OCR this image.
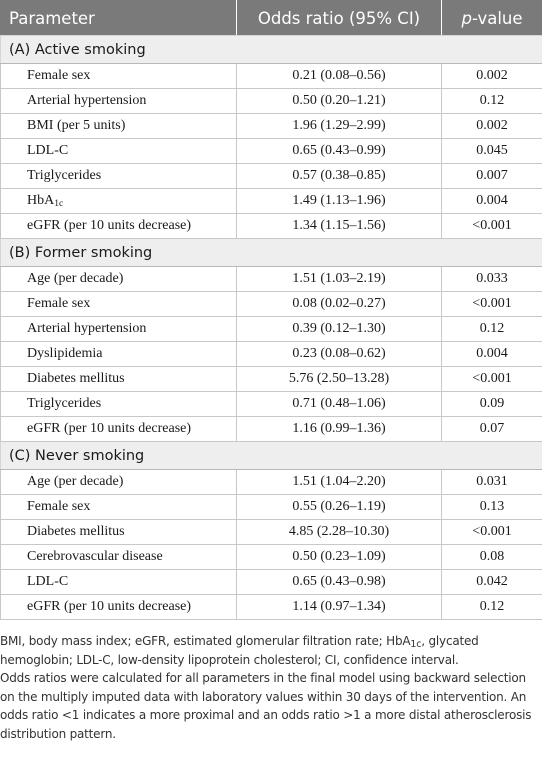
Parameter	Odds ratio (95% CI)	p-value
(A) Active smoking		
Female sex	0.21 (0.08–0.56)	0.002
Arterial hypertension	0.50 (0.20–1.21)	0.12
BMI (per 5 units)	1.96 (1.29–2.99)	0.002
LDL-C	0.65 (0.43–0.99)	0.045
Triglycerides	0.57 (0.38–0.85)	0.007
HbA$_{1c}$	1.49 (1.13–1.96)	0.004
eGFR (per 10 units decrease)	1.34 (1.15–1.56)	<0.001
(B) Former smoking		
Age (per decade)	1.51 (1.03–2.19)	0.033
Female sex	0.08 (0.02–0.27)	<0.001
Arterial hypertension	0.39 (0.12–1.30)	0.12
Dyslipidemia	0.23 (0.08–0.62)	0.004
Diabetes mellitus	5.76 (2.50–13.28)	<0.001
Triglycerides	0.71 (0.48–1.06)	0.09
eGFR (per 10 units decrease)	1.16 (0.99–1.36)	0.07
(C) Never smoking		
Age (per decade)	1.51 (1.04–2.20)	0.031
Female sex	0.55 (0.26–1.19)	0.13
Diabetes mellitus	4.85 (2.28–10.30)	<0.001
Cerebrovascular disease	0.50 (0.23–1.09)	0.08
LDL-C	0.65 (0.43–0.98)	0.042
eGFR (per 10 units decrease)	1.14 (0.97–1.34)	0.12

BMI, body mass index; eGFR, estimated glomerular filtration rate; HbA$_{1c}$, glycated hemoglobin; LDL-C, low-density lipoprotein cholesterol; CI, confidence interval.

Odds ratios were calculated for all parameters in the final model using backward selection on the multiply imputed data with laboratory values within 30 days of the intervention. An odds ratio <1 indicates a more proximal and an odds ratio >1 a more distal atherosclerosis distribution pattern.
